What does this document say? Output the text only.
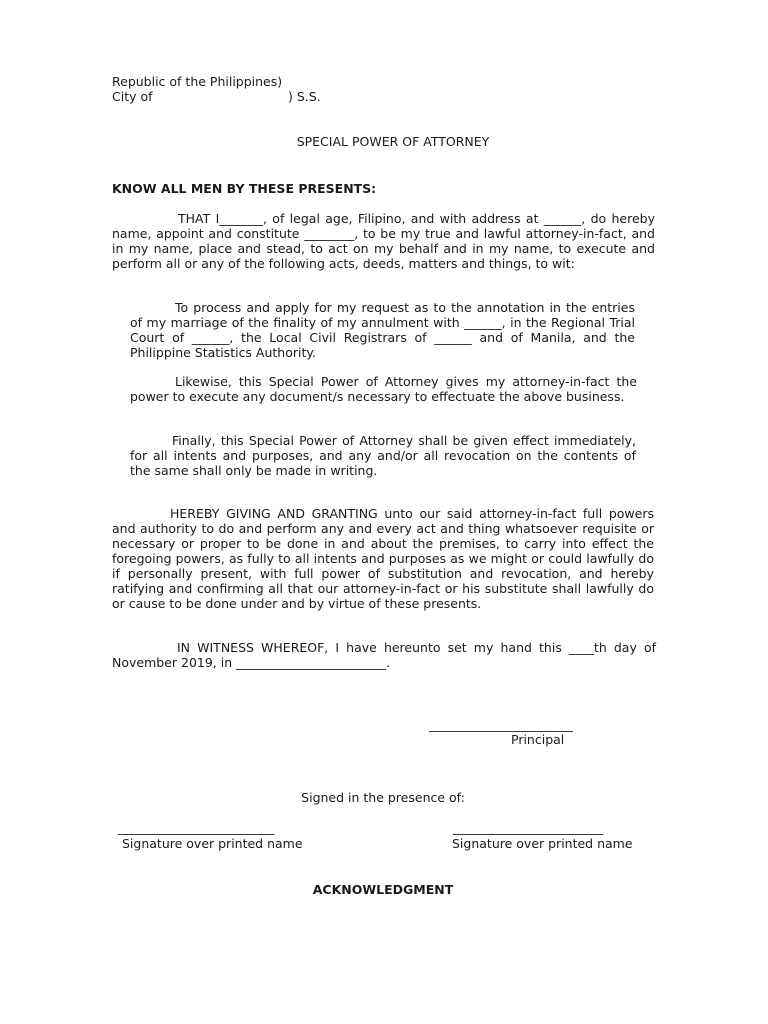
Republic of the Philippines)
City of	) S.S.
SPECIAL POWER OF ATTORNEY
KNOW ALL MEN BY THESE PRESENTS:
THAT I_______, of legal age, Filipino, and with address at ______, do hereby name, appoint and constitute ________, to be my true and lawful attorney-in-fact, and in my name, place and stead, to act on my behalf and in my name, to execute and perform all or any of the following acts, deeds, matters and things, to wit:
To process and apply for my request as to the annotation in the entries of my marriage of the finality of my annulment with ______, in the Regional Trial Court of ______, the Local Civil Registrars of ______ and of Manila, and the Philippine Statistics Authority.
Likewise, this Special Power of Attorney gives my attorney-in-fact the power to execute any document/s necessary to effectuate the above business.
Finally, this Special Power of Attorney shall be given effect immediately, for all intents and purposes, and any and/or all revocation on the contents of the same shall only be made in writing.
HEREBY GIVING AND GRANTING unto our said attorney-in-fact full powers and authority to do and perform any and every act and thing whatsoever requisite or necessary or proper to be done in and about the premises, to carry into effect the foregoing powers, as fully to all intents and purposes as we might or could lawfully do if personally present, with full power of substitution and revocation, and hereby ratifying and confirming all that our attorney-in-fact or his substitute shall lawfully do or cause to be done under and by virtue of these presents.
IN WITNESS WHEREOF, I have hereunto set my hand this ____th day of November 2019, in ________________________.
_______________________
Principal
Signed in the presence of:
_________________________	________________________
Signature over printed name	Signature over printed name
ACKNOWLEDGMENT
